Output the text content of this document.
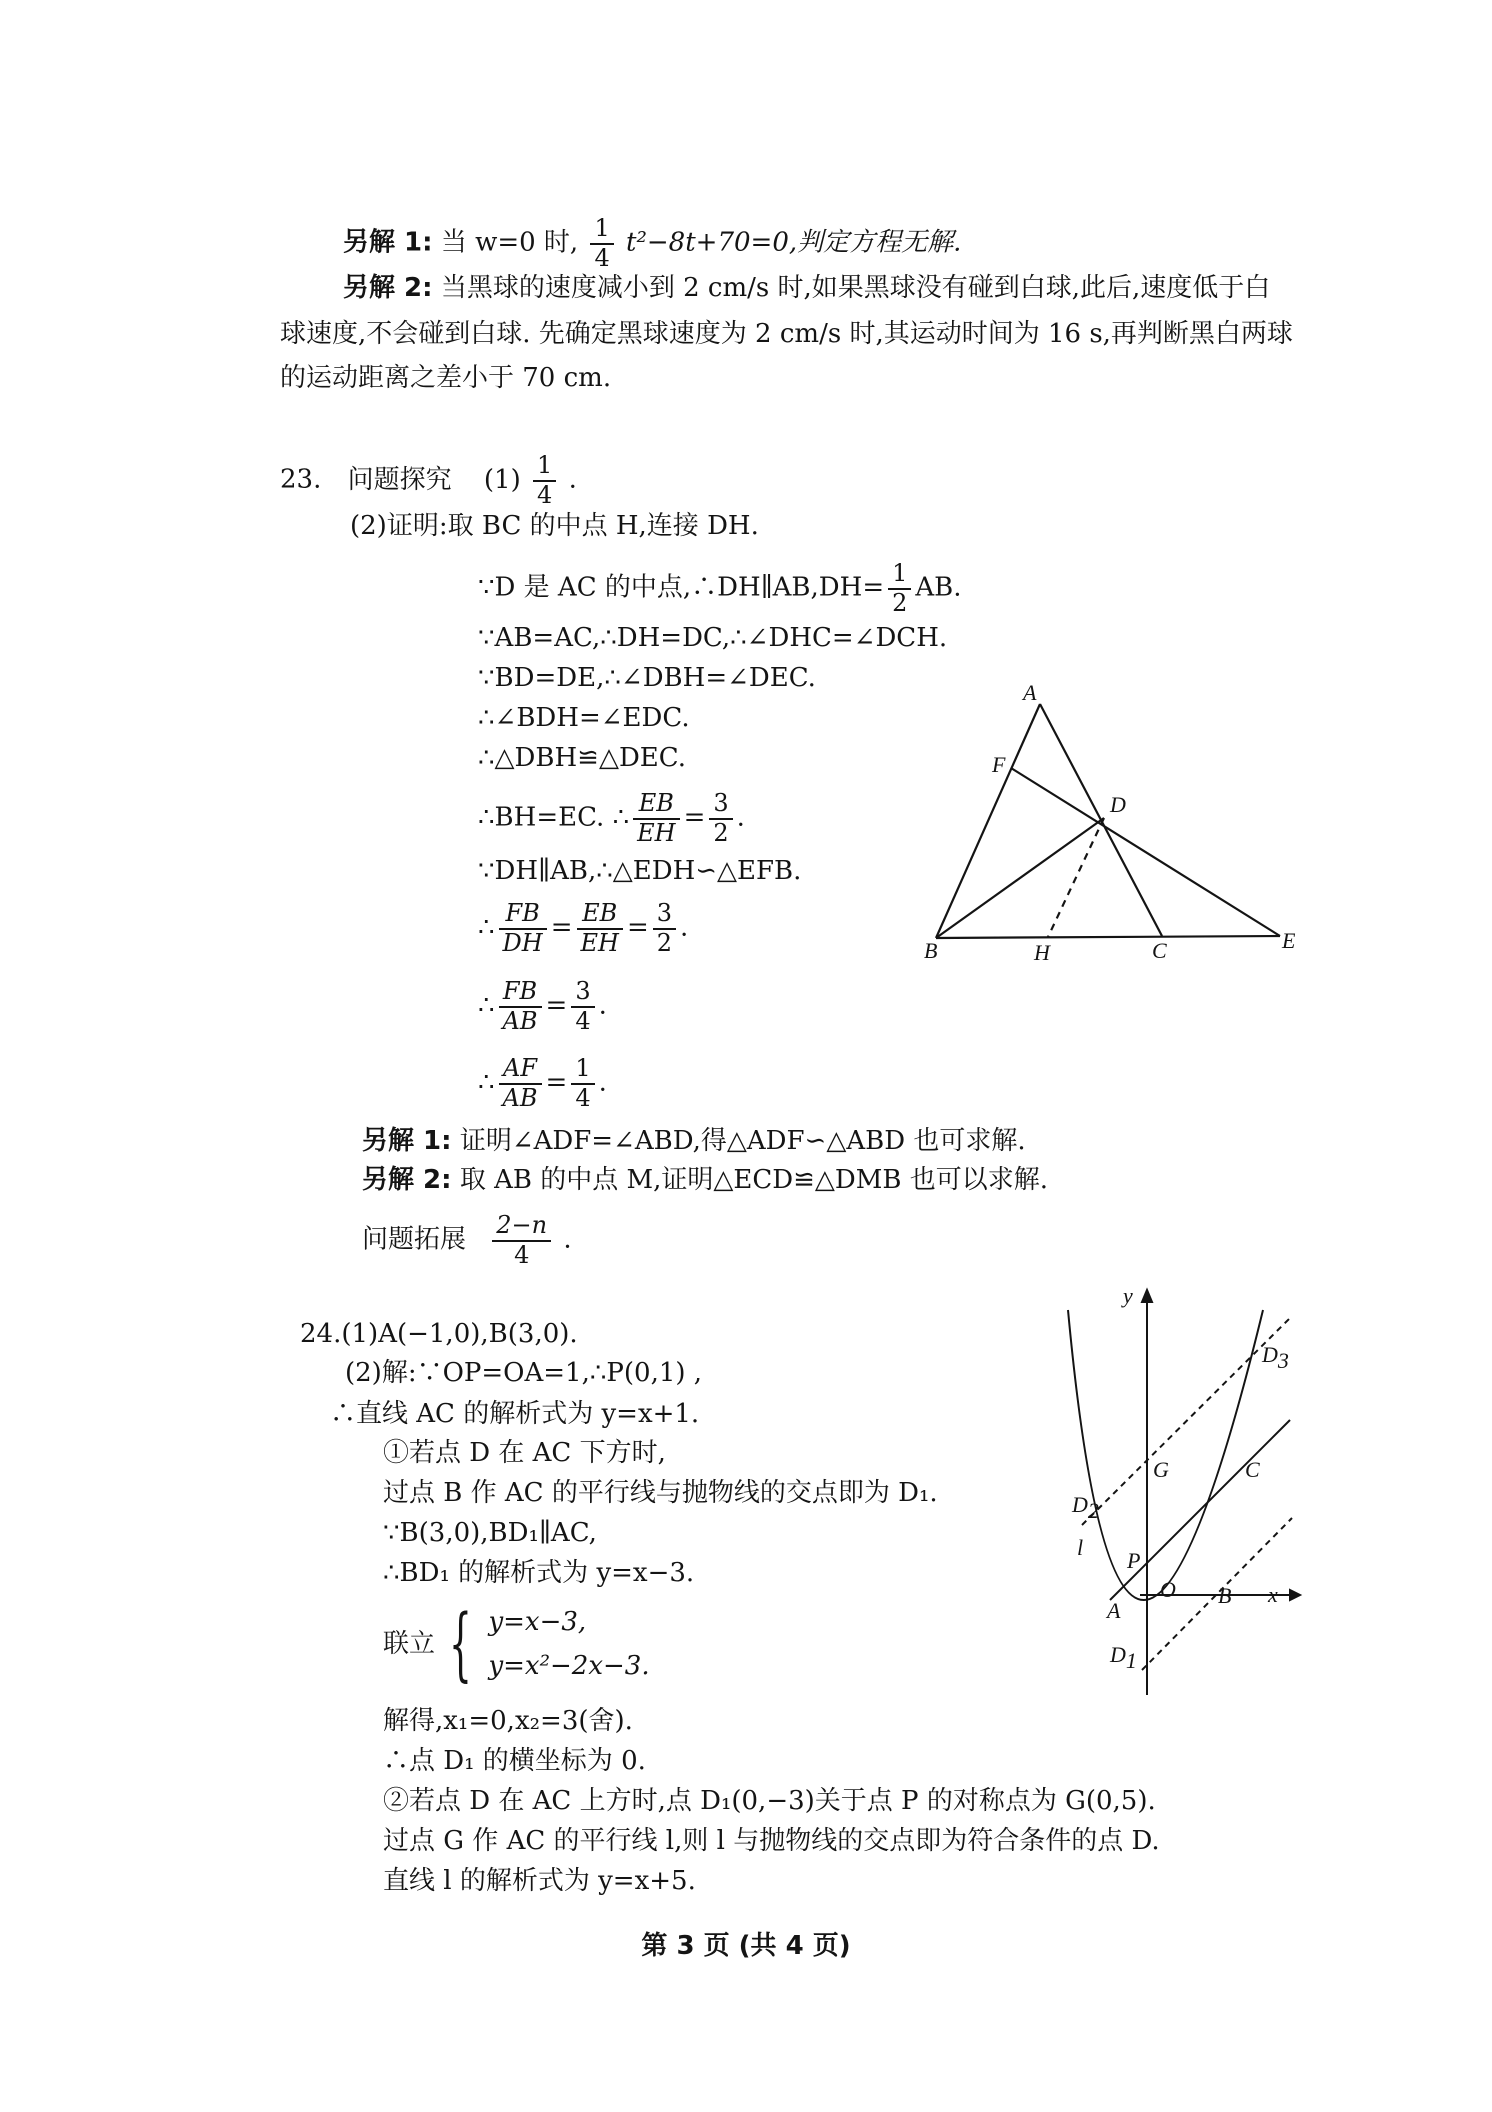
另解 1: 当 w=0 时, $\frac{1}{4} t^2-8t+70=0$,判定方程无解.
另解 2: 当黑球的速度减小到 2 cm/s 时,如果黑球没有碰到白球,此后,速度低于白
球速度,不会碰到白球. 先确定黑球速度为 2 cm/s 时,其运动时间为 16 s,再判断黑白两球
的运动距离之差小于 70 cm.
23. 问题探究 $(1) \frac{1}{4}$ .
(2)证明:取 BC 的中点 H,连接 DH.
∵D 是 AC 的中点,∴DH∥AB,DH= $\frac{1}{2}$ AB.
∵AB=AC,∴DH=DC,∴∠DHC=∠DCH.
∵BD=DE,∴∠DBH=∠DEC.
∴∠BDH=∠EDC.
∴△DBH≌△DEC.
∴BH=EC. ∴ $\frac{EB}{EH} = \frac{3}{2}$ .
∵DH∥AB,∴△EDH∽△EFB.
∴ $\frac{FB}{DH} = \frac{EB}{EH} = \frac{3}{2}$ .
∴ $\frac{FB}{AB} = \frac{3}{4}$ .
∴ $\frac{AF}{AB} = \frac{1}{4}$ .
另解 1: 证明∠ADF=∠ABD,得△ADF∽△ABD 也可求解.
另解 2: 取 AB 的中点 M,证明△ECD≌△DMB 也可以求解.
问题拓展 $\frac{2-n}{4}$ .
A
F
D
B	H	C	E
24.(1)A(−1,0),B(3,0).
(2)解:∵OP=OA=1,∴P(0,1) ,
∴直线 AC 的解析式为 y=x+1.
①若点 D 在 AC 下方时,
过点 B 作 AC 的平行线与抛物线的交点即为 D₁.
∵B(3,0),BD₁∥AC,
∴BD₁ 的解析式为 y=x−3.
联立 { y=x−3,
y=x²−2x−3.
解得,x₁=0,x₂=3(舍).
∴点 D₁ 的横坐标为 0.
②若点 D 在 AC 上方时,点 D₁(0,−3)关于点 P 的对称点为 G(0,5).
过点 G 作 AC 的平行线 l,则 l 与抛物线的交点即为符合条件的点 D.
直线 l 的解析式为 y=x+5.
y
x
D3
G	C
D2
l
P
O
A
B
D1
第 3 页 (共 4 页)
